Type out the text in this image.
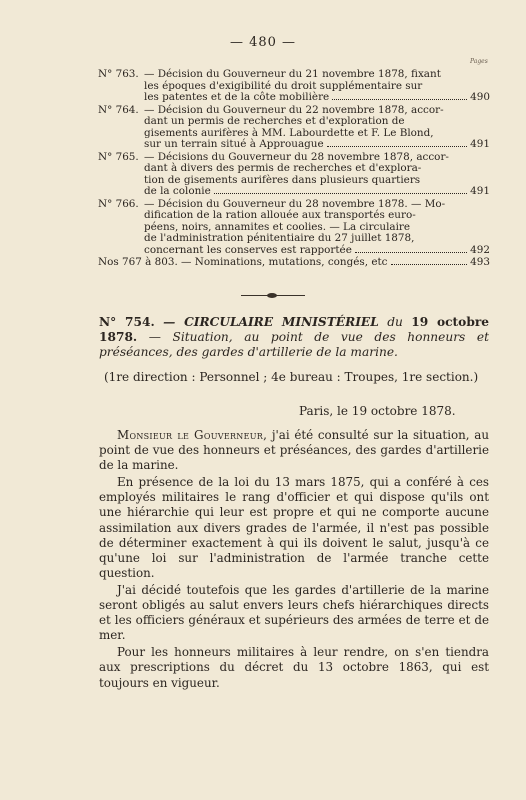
— 480 —
Pages
N° 763. — Décision du Gouverneur du 21 novembre 1878, fixant
les époques d'exigibilité du droit supplémentaire sur
les patentes et de la côte mobilière	490
N° 764. — Décision du Gouverneur du 22 novembre 1878, accor-
dant un permis de recherches et d'exploration de
gisements aurifères à MM. Labourdette et F. Le Blond,
sur un terrain situé à Approuague	491
N° 765. — Décisions du Gouverneur du 28 novembre 1878, accor-
dant à divers des permis de recherches et d'explora-
tion de gisements aurifères dans plusieurs quartiers
de la colonie	491
N° 766. — Décision du Gouverneur du 28 novembre 1878. — Mo-
dification de la ration allouée aux transportés euro-
péens, noirs, annamites et coolies. — La circulaire
de l'administration pénitentiaire du 27 juillet 1878,
concernant les conserves est rapportée	492
Nos 767 à 803. — Nominations, mutations, congés, etc	493
N° 754. — CIRCULAIRE MINISTÉRIEL du 19 octobre 1878. — Situation, au point de vue des honneurs et préséances, des gardes d'artillerie de la marine.
(1re direction : Personnel ; 4e bureau : Troupes, 1re section.)
Paris, le 19 octobre 1878.

Monsieur le Gouverneur, j'ai été consulté sur la situation, au point de vue des honneurs et préséances, des gardes d'artillerie de la marine.

En présence de la loi du 13 mars 1875, qui a conféré à ces employés militaires le rang d'officier et qui dispose qu'ils ont une hiérarchie qui leur est propre et qui ne comporte aucune assimilation aux divers grades de l'armée, il n'est pas possible de déterminer exactement à qui ils doivent le salut, jusqu'à ce qu'une loi sur l'administration de l'armée tranche cette question.

J'ai décidé toutefois que les gardes d'artillerie de la marine seront obligés au salut envers leurs chefs hiérarchiques directs et les officiers généraux et supérieurs des armées de terre et de mer.

Pour les honneurs militaires à leur rendre, on s'en tiendra aux prescriptions du décret du 13 octobre 1863, qui est toujours en vigueur.
